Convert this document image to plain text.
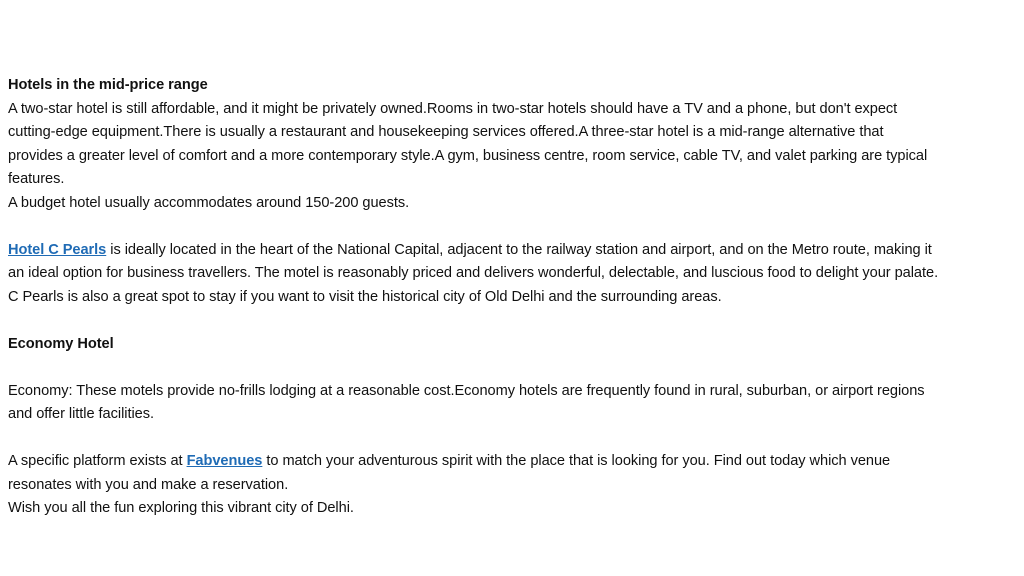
Hotels in the mid-price range
A two-star hotel is still affordable, and it might be privately owned.Rooms in two-star hotels should have a TV and a phone, but don't expect
cutting-edge equipment.There is usually a restaurant and housekeeping services offered.A three-star hotel is a mid-range alternative that
provides a greater level of comfort and a more contemporary style.A gym, business centre, room service, cable TV, and valet parking are typical
features.
A budget hotel usually accommodates around 150-200 guests.
Hotel C Pearls is ideally located in the heart of the National Capital, adjacent to the railway station and airport, and on the Metro route, making it
an ideal option for business travellers. The motel is reasonably priced and delivers wonderful, delectable, and luscious food to delight your palate.
C Pearls is also a great spot to stay if you want to visit the historical city of Old Delhi and the surrounding areas.
Economy Hotel
Economy: These motels provide no-frills lodging at a reasonable cost.Economy hotels are frequently found in rural, suburban, or airport regions
and offer little facilities.
A specific platform exists at Fabvenues to match your adventurous spirit with the place that is looking for you. Find out today which venue
resonates with you and make a reservation.
Wish you all the fun exploring this vibrant city of Delhi.
